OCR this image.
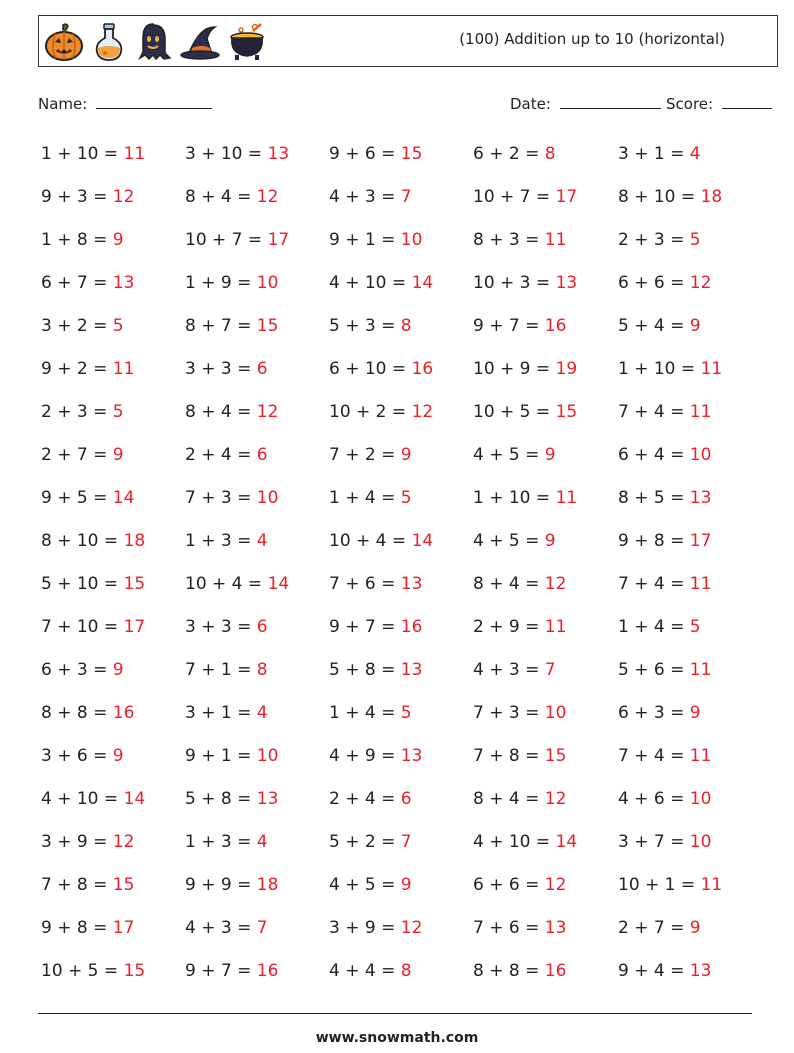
(100) Addition up to 10 (horizontal)
Name:	Date:	Score:
1 + 10 = 11 3 + 10 = 13 9 + 6 = 15	6 + 2 = 8	3 + 1 = 4
9 + 3 = 12	8 + 4 = 12	4 + 3 = 7	10 + 7 = 17 8 + 10 = 18
1 + 8 = 9	10 + 7 = 17 9 + 1 = 10	8 + 3 = 11	2 + 3 = 5
6 + 7 = 13	1 + 9 = 10	4 + 10 = 14 10 + 3 = 13 6 + 6 = 12
3 + 2 = 5	8 + 7 = 15	5 + 3 = 8	9 + 7 = 16	5 + 4 = 9
9 + 2 = 11	3 + 3 = 6	6 + 10 = 16 10 + 9 = 19 1 + 10 = 11
2 + 3 = 5	8 + 4 = 12	10 + 2 = 12 10 + 5 = 15 7 + 4 = 11
2 + 7 = 9	2 + 4 = 6	7 + 2 = 9	4 + 5 = 9	6 + 4 = 10
9 + 5 = 14	7 + 3 = 10	1 + 4 = 5	1 + 10 = 11 8 + 5 = 13
8 + 10 = 18 1 + 3 = 4	10 + 4 = 14 4 + 5 = 9	9 + 8 = 17
5 + 10 = 15 10 + 4 = 14 7 + 6 = 13	8 + 4 = 12	7 + 4 = 11
7 + 10 = 17 3 + 3 = 6	9 + 7 = 16	2 + 9 = 11	1 + 4 = 5
6 + 3 = 9	7 + 1 = 8	5 + 8 = 13	4 + 3 = 7	5 + 6 = 11
8 + 8 = 16	3 + 1 = 4	1 + 4 = 5	7 + 3 = 10	6 + 3 = 9
3 + 6 = 9	9 + 1 = 10	4 + 9 = 13	7 + 8 = 15	7 + 4 = 11
4 + 10 = 14 5 + 8 = 13	2 + 4 = 6	8 + 4 = 12	4 + 6 = 10
3 + 9 = 12	1 + 3 = 4	5 + 2 = 7	4 + 10 = 14 3 + 7 = 10
7 + 8 = 15	9 + 9 = 18	4 + 5 = 9	6 + 6 = 12	10 + 1 = 11
9 + 8 = 17	4 + 3 = 7	3 + 9 = 12	7 + 6 = 13	2 + 7 = 9
10 + 5 = 15 9 + 7 = 16	4 + 4 = 8	8 + 8 = 16	9 + 4 = 13
www.snowmath.com
